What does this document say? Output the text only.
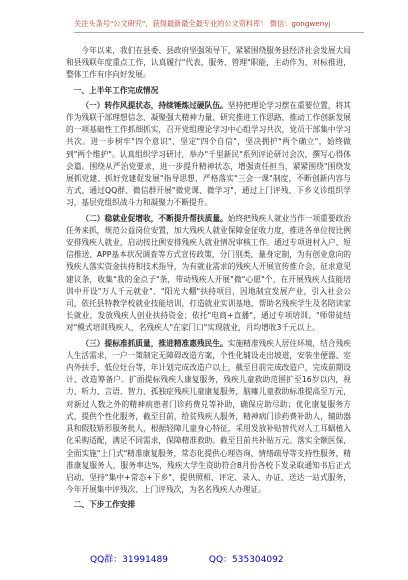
关注头条号"公文研究"，获得最新最全最专业的公文资料库！ 微信：gongwenyj

今年以来，我们在县委、县政府坚强领导下，紧紧围绕服务县经济社会发展大局和县残联年度重点工作，认真履行"代表、服务、管理"职能，主动作为、对标推进，整体工作有序向好发展。

一、上半年工作完成情况

（一）转作风提状态，持续锤炼过硬队伍。坚持把理论学习摆在重要位置，将其作为残联干部理想信念、凝聚强大精神力量、研究推进工作思路，推动工作创新发展的一项基础性工作抓细抓实，召开党组理论学习中心组学习共次，党员干部集中学习共次。进一步树牢"四个意识"、坚定"四个自信"，坚决拥护"两个确立"，始终做到"两个维护"。认真组织学习研讨，举办"千里新民"系列评论研讨会次，撰写心得体会篇。围绕从严治党要求，进一步提升精神状态，增强责任担当，紧紧围绕"围绕发展抓党建、抓好党建促发展"指导思想，严格落实"三会一课"制度，不断创新内容与方式，通过QQ群、微信群开展"微党课、微学习"，通过上门评残、下乡义诊组织学习，基层党组织战斗力和凝聚力不断提升。

（二）稳就业促增收，不断提升帮扶质量。始终把残疾人就业当作一项重要政治任务来抓，规范公益岗位安置，加大残疾人就业保障金征收力度，推进各单位按比例安排残疾人就业，启动按比例安排残疾人就业情况审核工作。通过专项进村入户、短信推送、APP基本状况调查等方式宣传政策，分门别类，量身定制，为有创业意向的残疾人落实资金扶持和技术指导，为有就业需求的残疾人开展宣传推介会，征求意见建议条，收集"我的金点子"条，带动残疾人开展"微"心愿"个，在开展残疾人技能培训中开设"万人千元就业"、"阳光大棚"扶持项目，因地制宜发展产业，引入社会公司，依托县特教学校就业技能培训，打造就业实训基地，帮助名残疾学生及名陪读家长就业，发放残疾人创业扶持资金；依托"电商+直播"，通过专项培训、"师带徒结对"模式培训残疾人，名残疾人"在家门口"实现就业，月均增收3千元以上。

（三）提标准抓质量，推进精准惠残民生。实施精准残疾人居住环境，结合残疾人生活需求，一户一策制定无障碍改造方案，个性化辅设走出坡道，安装坐便器、室内外扶手、低位灶台等，年计划完成改造户以上，截至目前完成改造户，完成前期设计、改造筹备户。扩面提标残疾人康复服务，残疾儿童救助范围扩至16岁以内，视力、听力、言语、智力、孤独症残疾儿童康复服务，脑瘫儿童救助标准提高至万元，对新过人数之外的精神病患者门诊药费兑等补助，确保应助尽助；优化康复服务方式，提供个性化服务，截至目前，给贫残疾人服务，精神病门诊药费补助人，辅助器具和假肢矫形服务批人，根据轻障儿童身心特征，采用发放补贴替代对人工耳蜗植入化采购适配，满足不同需求，保障精准救助。截至目前共补贴万元。落实全额医保，全面实施"上门式"精准康复服务，常态化提供心理咨询、情绪疏导等支持性服务，精准康复服务人，服务率达%，残疾大学生资助符合8月份各校下发录取通知书后正式启动，坚持"集中+常态+下乡"，提供照相、评定、录入、办证、送达一站式服务，今年开展集中评残次、上门评残次，为名名残疾人办理证。

二、下步工作安排

QQ群：31991489	QQ：535304092
